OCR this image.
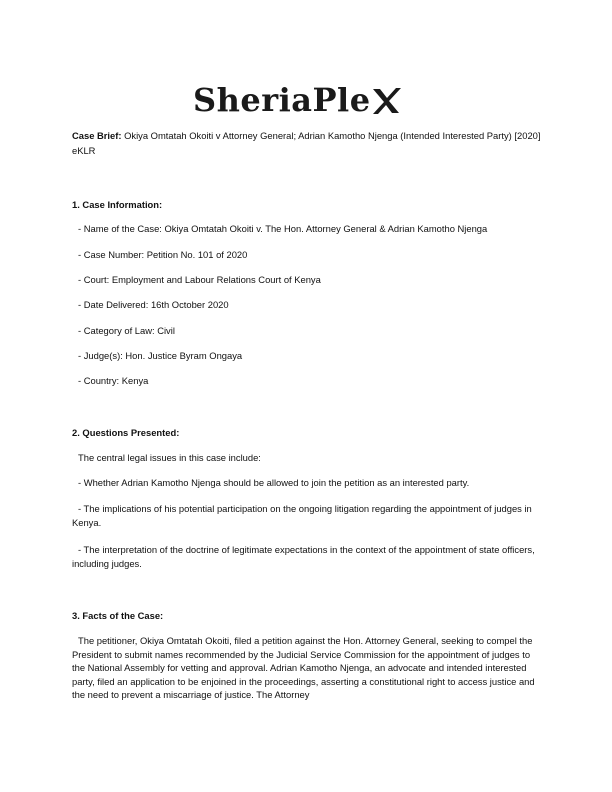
SheriaPle
Case Brief: Okiya Omtatah Okoiti v Attorney General; Adrian Kamotho Njenga (Intended Interested Party) [2020] eKLR
1. Case Information:
- Name of the Case: Okiya Omtatah Okoiti v. The Hon. Attorney General & Adrian Kamotho Njenga
- Case Number: Petition No. 101 of 2020
- Court: Employment and Labour Relations Court of Kenya
- Date Delivered: 16th October 2020
- Category of Law: Civil
- Judge(s): Hon. Justice Byram Ongaya
- Country: Kenya
2. Questions Presented:
The central legal issues in this case include:
- Whether Adrian Kamotho Njenga should be allowed to join the petition as an interested party.
- The implications of his potential participation on the ongoing litigation regarding the appointment of judges in Kenya.
- The interpretation of the doctrine of legitimate expectations in the context of the appointment of state officers, including judges.
3. Facts of the Case:
The petitioner, Okiya Omtatah Okoiti, filed a petition against the Hon. Attorney General, seeking to compel the President to submit names recommended by the Judicial Service Commission for the appointment of judges to the National Assembly for vetting and approval. Adrian Kamotho Njenga, an advocate and intended interested party, filed an application to be enjoined in the proceedings, asserting a constitutional right to access justice and the need to prevent a miscarriage of justice. The Attorney
